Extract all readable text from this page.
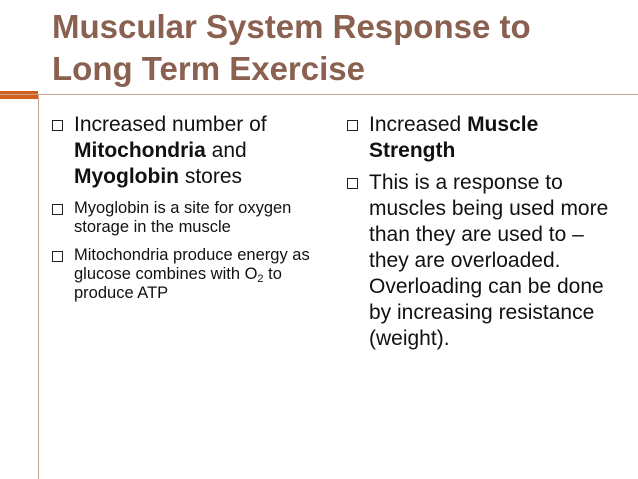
Muscular System Response to
Long Term Exercise
Increased number of Mitochondria and Myoglobin stores
Myoglobin is a site for oxygen storage in the muscle
Mitochondria produce energy as glucose combines with $O_2$ to produce ATP
Increased Muscle Strength
This is a response to muscles being used more than they are used to – they are overloaded. Overloading can be done by increasing resistance (weight).
